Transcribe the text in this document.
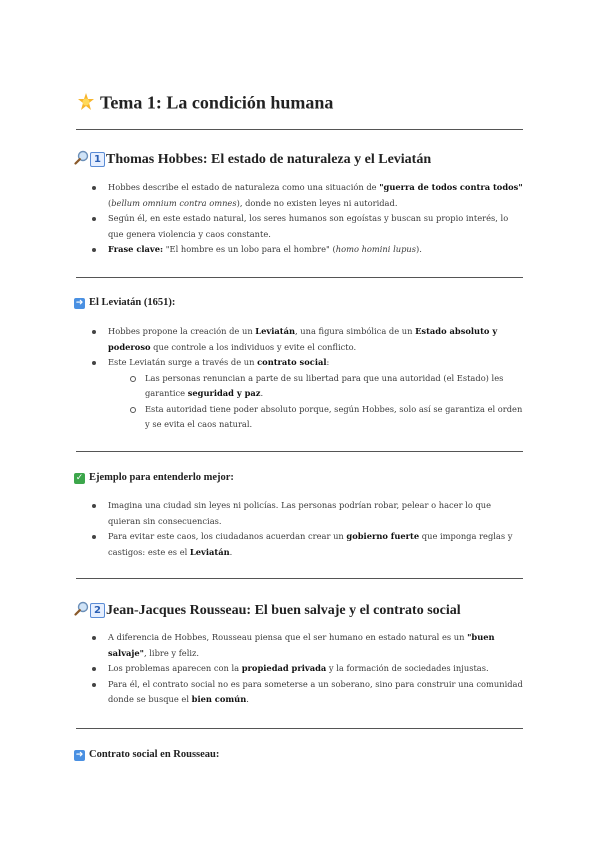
Tema 1: La condición humana
1 Thomas Hobbes: El estado de naturaleza y el Leviatán
Hobbes describe el estado de naturaleza como una situación de "guerra de todos contra todos" (bellum omnium contra omnes), donde no existen leyes ni autoridad.
Según él, en este estado natural, los seres humanos son egoístas y buscan su propio interés, lo que genera violencia y caos constante.
Frase clave: "El hombre es un lobo para el hombre" (homo homini lupus).
➜ El Leviatán (1651):
Hobbes propone la creación de un Leviatán, una figura simbólica de un Estado absoluto y poderoso que controle a los individuos y evite el conflicto.
Este Leviatán surge a través de un contrato social:
Las personas renuncian a parte de su libertad para que una autoridad (el Estado) les garantice seguridad y paz.
Esta autoridad tiene poder absoluto porque, según Hobbes, solo así se garantiza el orden y se evita el caos natural.
✓ Ejemplo para entenderlo mejor:
Imagina una ciudad sin leyes ni policías. Las personas podrían robar, pelear o hacer lo que quieran sin consecuencias.
Para evitar este caos, los ciudadanos acuerdan crear un gobierno fuerte que imponga reglas y castigos: este es el Leviatán.
2 Jean-Jacques Rousseau: El buen salvaje y el contrato social
A diferencia de Hobbes, Rousseau piensa que el ser humano en estado natural es un "buen salvaje", libre y feliz.
Los problemas aparecen con la propiedad privada y la formación de sociedades injustas.
Para él, el contrato social no es para someterse a un soberano, sino para construir una comunidad donde se busque el bien común.
➜ Contrato social en Rousseau:
